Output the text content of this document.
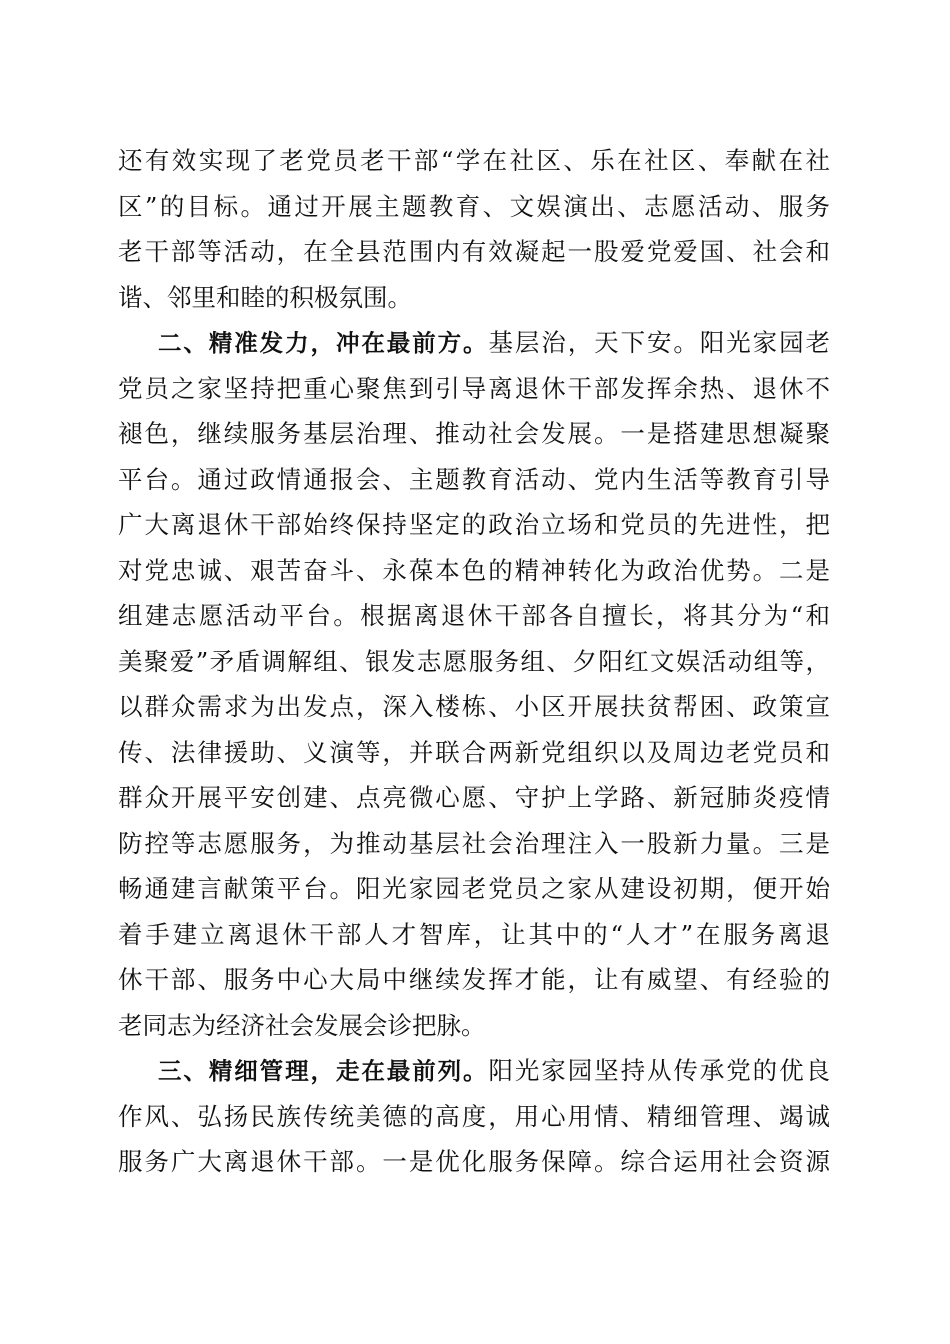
还有效实现了老党员老干部“学在社区、乐在社区、奉献在社
区”的目标。通过开展主题教育、文娱演出、志愿活动、服务
老干部等活动，在全县范围内有效凝起一股爱党爱国、社会和
谐、邻里和睦的积极氛围。
二、精准发力，冲在最前方。基层治，天下安。阳光家园老
党员之家坚持把重心聚焦到引导离退休干部发挥余热、退休不
褪色，继续服务基层治理、推动社会发展。一是搭建思想凝聚
平台。通过政情通报会、主题教育活动、党内生活等教育引导
广大离退休干部始终保持坚定的政治立场和党员的先进性，把
对党忠诚、艰苦奋斗、永葆本色的精神转化为政治优势。二是
组建志愿活动平台。根据离退休干部各自擅长，将其分为“和
美聚爱”矛盾调解组、银发志愿服务组、夕阳红文娱活动组等，
以群众需求为出发点，深入楼栋、小区开展扶贫帮困、政策宣
传、法律援助、义演等，并联合两新党组织以及周边老党员和
群众开展平安创建、点亮微心愿、守护上学路、新冠肺炎疫情
防控等志愿服务，为推动基层社会治理注入一股新力量。三是
畅通建言献策平台。阳光家园老党员之家从建设初期，便开始
着手建立离退休干部人才智库，让其中的“人才”在服务离退
休干部、服务中心大局中继续发挥才能，让有威望、有经验的
老同志为经济社会发展会诊把脉。
三、精细管理，走在最前列。阳光家园坚持从传承党的优良
作风、弘扬民族传统美德的高度，用心用情、精细管理、竭诚
服务广大离退休干部。一是优化服务保障。综合运用社会资源
